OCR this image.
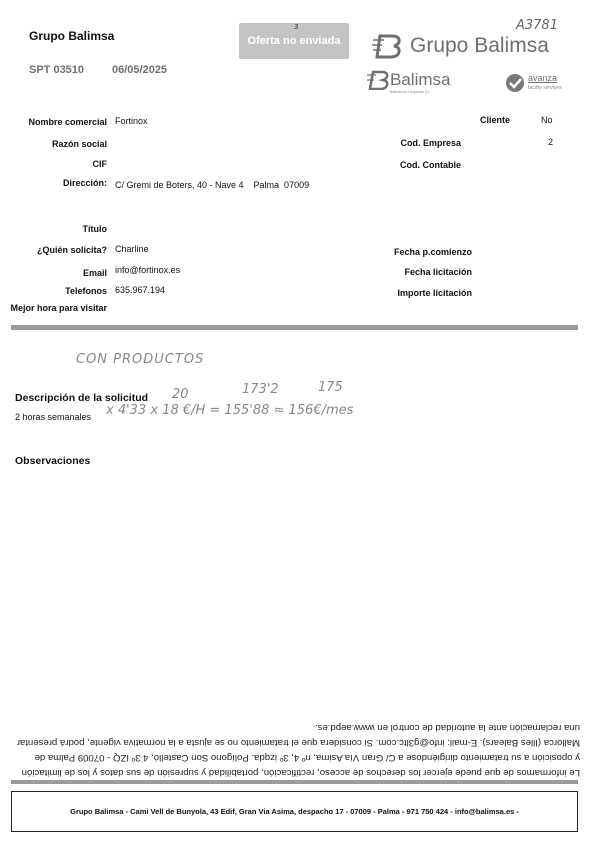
Grupo Balimsa
SPT 03510	06/05/2025
Oferta no enviada
3	A3781
Grupo Balimsa
Balimsa
Balimsa de Limpiezas S.L.
avanza
facility services
Nombre comercial Fortinox
Razón social
CIF
Dirección: C/ Gremi de Boters, 40 - Nave 4    Palma  07009
Título
¿Quién solicita? Charline
Email info@fortinox.es
Telefonos 635.967.194
Mejor hora para visitar
Cliente	No
Cod. Empresa	2
Cod. Contable
Fecha p.comienzo
Fecha licitación
Importe licitación
CON PRODUCTOS
20	173'2	175
Descripción de la solicitud
2 horas semanales x 4'33 x 18 €/H = 155'88 ≈ 156€/mes
Observaciones
Le informamos de que puede ejercer los derechos de acceso, rectificación, portabilidad y supresión de sus datos y los de limitación y oposición a su tratamiento dirigiéndose a C/ Gran Vía Asima, nº 4, 3º izqda. Polígono Son Castelló, 4 3º IZQ - 07009 Palma de Mallorca (Illes Balears). E-mail: info@g3ltc.com. Si considera que el tratamiento no se ajusta a la normativa vigente, podrá presentar una reclamación ante la autoridad de control en www.aepd.es.
Grupo Balimsa - Cami Vell de Bunyola, 43 Edif, Gran Via Asima, despacho 17 - 07009 - Palma - 971 750 424 - info@balimsa.es -
